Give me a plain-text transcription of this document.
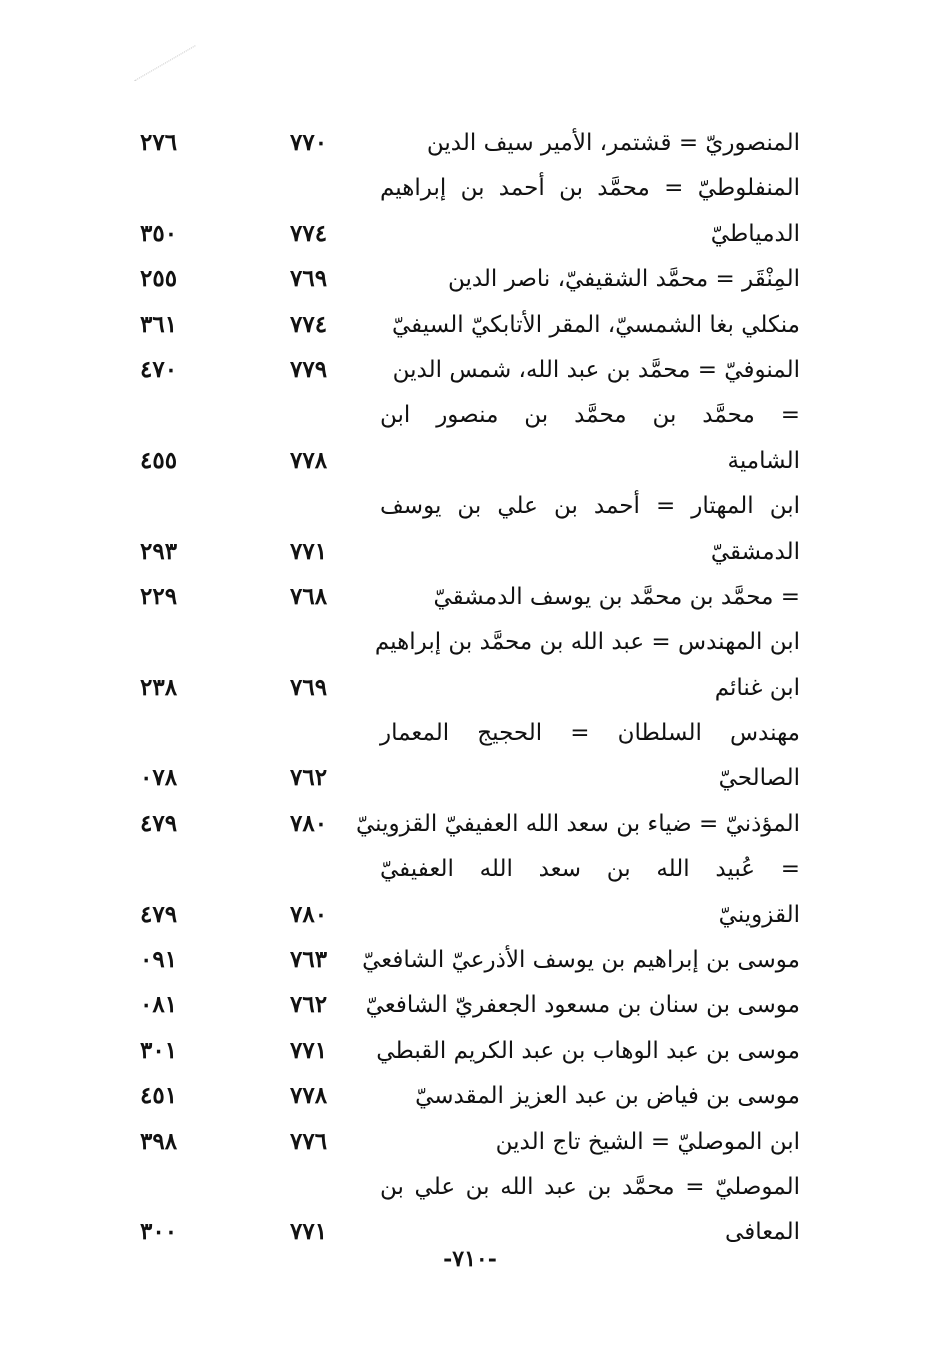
المنصوريّ = قشتمر، الأمير سيف الدين
٧٧٠
٢٧٦
المنفلوطيّ = محمَّد بن أحمد بن إبراهيم
الدمياطيّ
٧٧٤
٣٥٠
المِنْقَر = محمَّد الشقيفيّ، ناصر الدين
٧٦٩
٢٥٥
منكلي بغا الشمسيّ، المقر الأتابكيّ السيفيّ
٧٧٤
٣٦١
المنوفيّ = محمَّد بن عبد الله، شمس الدين
٧٧٩
٤٧٠
= محمَّد بن محمَّد بن منصور ابن
الشامية
٧٧٨
٤٥٥
ابن المهتار = أحمد بن علي بن يوسف
الدمشقيّ
٧٧١
٢٩٣
= محمَّد بن محمَّد بن يوسف الدمشقيّ
٧٦٨
٢٢٩
ابن المهندس = عبد الله بن محمَّد بن إبراهيم
ابن غنائم
٧٦٩
٢٣٨
مهندس السلطان = الحجيج المعمار
الصالحيّ
٧٦٢
٠٧٨
المؤذنيّ = ضياء بن سعد الله العفيفيّ القزوينيّ
٧٨٠
٤٧٩
= عُبيد الله بن سعد الله العفيفيّ
القزوينيّ
٧٨٠
٤٧٩
موسى بن إبراهيم بن يوسف الأذرعيّ الشافعيّ
٧٦٣
٠٩١
موسى بن سنان بن مسعود الجعفريّ الشافعيّ
٧٦٢
٠٨١
موسى بن عبد الوهاب بن عبد الكريم القبطي
٧٧١
٣٠١
موسى بن فياض بن عبد العزيز المقدسيّ
٧٧٨
٤٥١
ابن الموصليّ = الشيخ تاج الدين
٧٧٦
٣٩٨
الموصليّ = محمَّد بن عبد الله بن علي بن
المعافى
٧٧١
٣٠٠
-٧١٠-
